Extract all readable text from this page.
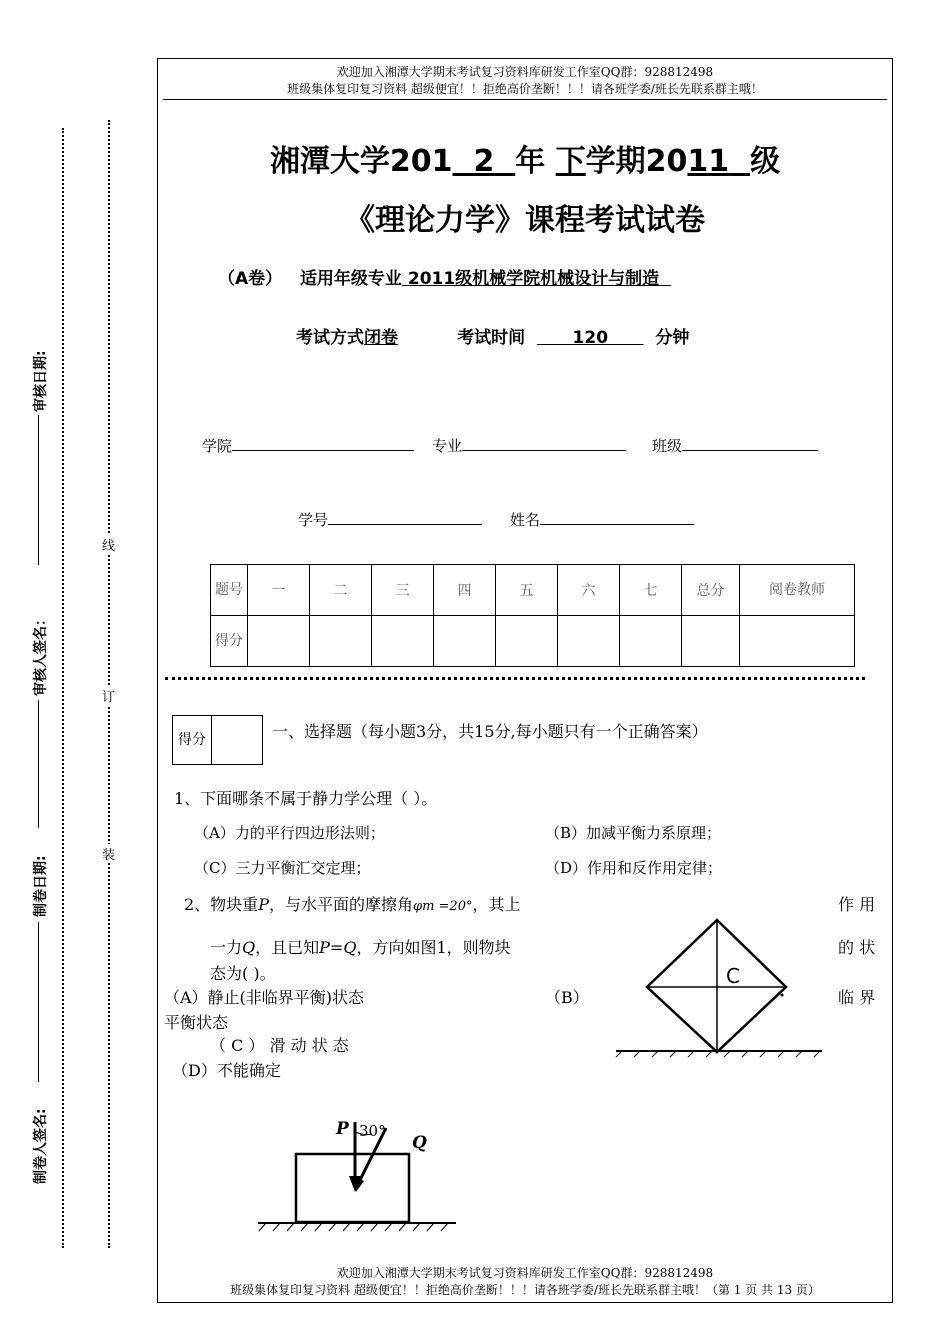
欢迎加入湘潭大学期末考试复习资料库研发工作室QQ群：928812498
班级集体复印复习资料 超级便宜！！拒绝高价垄断！！！请各班学委/班长先联系群主哦！
审核日期:
审核人签名：
制卷日期:
制卷人签名:
线
订
装
湘潭大学201 2 年 下学期2011 级
《理论力学》课程考试试卷
（A卷） 适用年级专业 2011级机械学院机械设计与制造
考试方式闭卷	考试时间	120	分钟
学院	专业	班级
学号	姓名
题号	一	二	三	四	五	六	七	总分	阅卷教师
得分									
得分		一、选择题（每小题3分，共15分,每小题只有一个正确答案）
1、下面哪条不属于静力学公理（ ）。
（A）力的平行四边形法则；	（B）加减平衡力系原理；
（C）三力平衡汇交定理；	（D）作用和反作用定律；
2、物块重P，与水平面的摩擦角φm =20°，其上	作 用
一力Q，且已知P=Q，方向如图1，则物块	的 状
态为( )。
（A）静止(非临界平衡)状态	（B）	临 界
平衡状态
（ C ） 滑 动 状 态
（D）不能确定
C
P 30°
Q
欢迎加入湘潭大学期末考试复习资料库研发工作室QQ群：928812498
班级集体复印复习资料 超级便宜！！拒绝高价垄断！！！请各班学委/班长先联系群主哦！（第 1 页 共 13 页）
